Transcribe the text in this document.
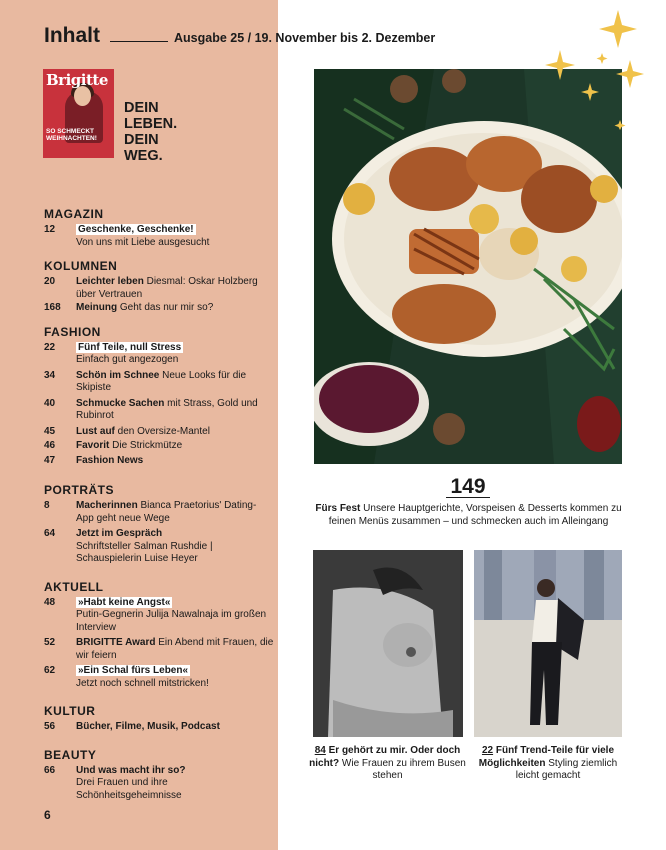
Inhalt	Ausgabe 25 / 19. November bis 2. Dezember
Brigitte
SO SCHMECKT WEIHNACHTEN!
DEIN
LEBEN.
DEIN
WEG.
MAGAZIN
12	Geschenke, Geschenke!
Von uns mit Liebe ausgesucht
KOLUMNEN
20	Leichter leben Diesmal: Oskar Holzberg über Vertrauen
168	Meinung Geht das nur mir so?
FASHION
22	Fünf Teile, null Stress
Einfach gut angezogen
34	Schön im Schnee Neue Looks für die Skipiste
40	Schmucke Sachen mit Strass, Gold und Rubinrot
45	Lust auf den Oversize-Mantel
46	Favorit Die Strickmütze
47	Fashion News
PORTRÄTS
8	Macherinnen Bianca Praetorius' Dating-App geht neue Wege
64	Jetzt im Gespräch
Schriftsteller Salman Rushdie | Schauspielerin Luise Heyer
AKTUELL
48	»Habt keine Angst«
Putin-Gegnerin Julija Nawalnaja im großen Interview
52	BRIGITTE Award Ein Abend mit Frauen, die wir feiern
62	»Ein Schal fürs Leben«
Jetzt noch schnell mitstricken!
KULTUR
56	Bücher, Filme, Musik, Podcast
BEAUTY
66	Und was macht ihr so?
Drei Frauen und ihre Schönheitsgeheimnisse
6
149
Fürs Fest Unsere Hauptgerichte, Vorspeisen & Desserts kommen zu feinen Menüs zusammen – und schmecken auch im Alleingang
84 Er gehört zu mir. Oder doch nicht? Wie Frauen zu ihrem Busen stehen
22 Fünf Trend-Teile für viele Möglichkeiten Styling ziemlich leicht gemacht
